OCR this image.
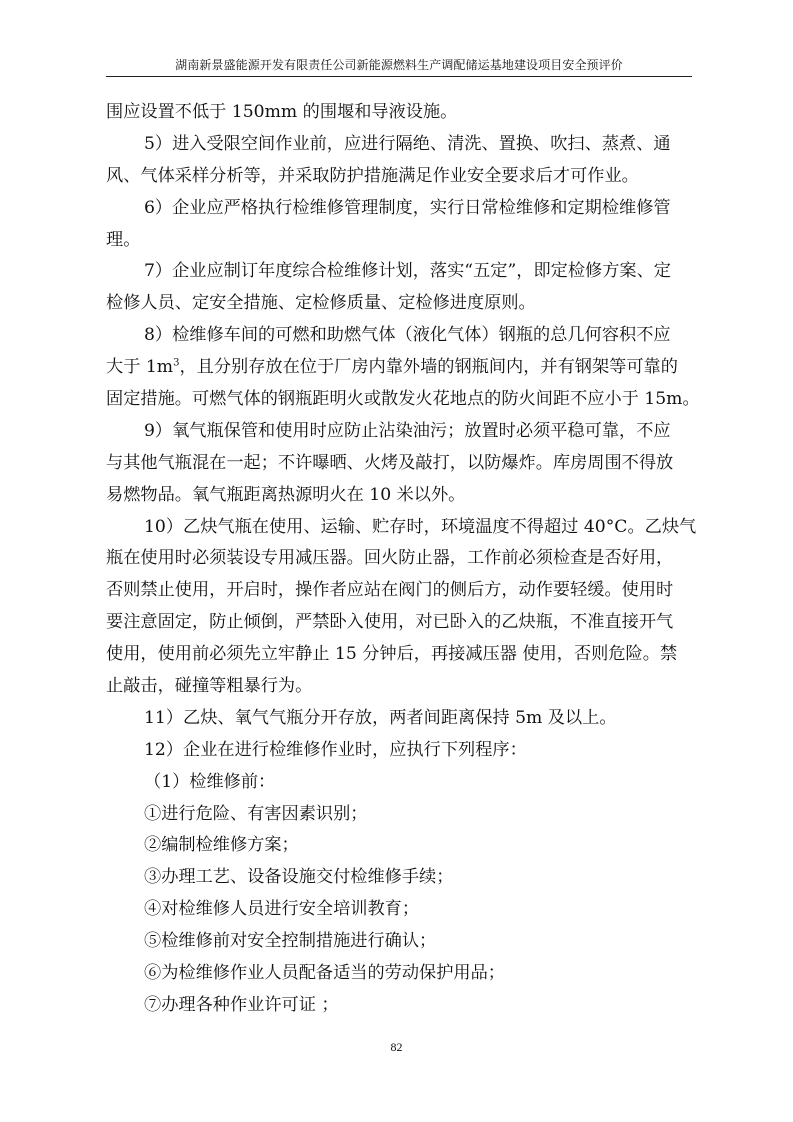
湖南新景盛能源开发有限责任公司新能源燃料生产调配储运基地建设项目安全预评价
围应设置不低于 150mm 的围堰和导液设施。
5）进入受限空间作业前，应进行隔绝、清洗、置换、吹扫、蒸煮、通
风、气体采样分析等，并采取防护措施满足作业安全要求后才可作业。
6）企业应严格执行检维修管理制度，实行日常检维修和定期检维修管
理。
7）企业应制订年度综合检维修计划，落实“五定”，即定检修方案、定
检修人员、定安全措施、定检修质量、定检修进度原则。
8）检维修车间的可燃和助燃气体（液化气体）钢瓶的总几何容积不应
大于 $1m^3$，且分别存放在位于厂房内靠外墙的钢瓶间内，并有钢架等可靠的
固定措施。可燃气体的钢瓶距明火或散发火花地点的防火间距不应小于 15m。
9）氧气瓶保管和使用时应防止沾染油污；放置时必须平稳可靠，不应
与其他气瓶混在一起；不许曝晒、火烤及敲打，以防爆炸。库房周围不得放
易燃物品。氧气瓶距离热源明火在 10 米以外。
10）乙炔气瓶在使用、运输、贮存时，环境温度不得超过 40°C。乙炔气
瓶在使用时必须装设专用减压器。回火防止器，工作前必须检查是否好用，
否则禁止使用，开启时，操作者应站在阀门的侧后方，动作要轻缓。使用时
要注意固定，防止倾倒，严禁卧入使用，对已卧入的乙炔瓶，不准直接开气
使用，使用前必须先立牢静止 15 分钟后，再接减压器 使用，否则危险。禁
止敲击，碰撞等粗暴行为。
11）乙炔、氧气气瓶分开存放，两者间距离保持 5m 及以上。
12）企业在进行检维修作业时，应执行下列程序：
（1）检维修前：
①进行危险、有害因素识别；
②编制检维修方案；
③办理工艺、设备设施交付检维修手续；
④对检维修人员进行安全培训教育；
⑤检维修前对安全控制措施进行确认；
⑥为检维修作业人员配备适当的劳动保护用品；
⑦办理各种作业许可证 ；
82
